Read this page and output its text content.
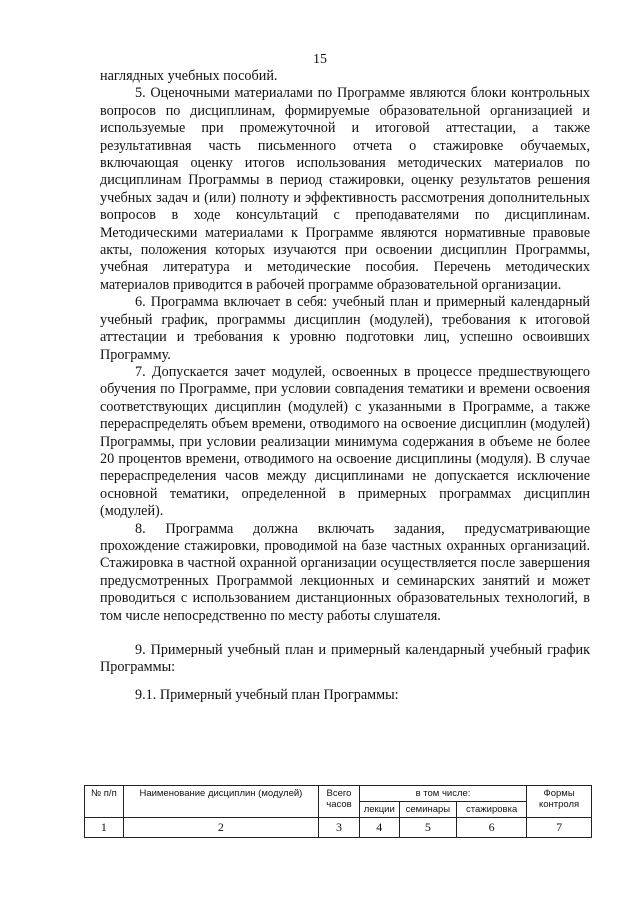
15

наглядных учебных пособий.

5. Оценочными материалами по Программе являются блоки контрольных вопросов по дисциплинам, формируемые образовательной организацией и используемые при промежуточной и итоговой аттестации, а также результативная часть письменного отчета о стажировке обучаемых, включающая оценку итогов использования методических материалов по дисциплинам Программы в период стажировки, оценку результатов решения учебных задач и (или) полноту и эффективность рассмотрения дополнительных вопросов в ходе консультаций с преподавателями по дисциплинам. Методическими материалами к Программе являются нормативные правовые акты, положения которых изучаются при освоении дисциплин Программы, учебная литература и методические пособия. Перечень методических материалов приводится в рабочей программе образовательной организации.

6. Программа включает в себя: учебный план и примерный календарный учебный график, программы дисциплин (модулей), требования к итоговой аттестации и требования к уровню подготовки лиц, успешно освоивших Программу.

7. Допускается зачет модулей, освоенных в процессе предшествующего обучения по Программе, при условии совпадения тематики и времени освоения соответствующих дисциплин (модулей) с указанными в Программе, а также перераспределять объем времени, отводимого на освоение дисциплин (модулей) Программы, при условии реализации минимума содержания в объеме не более 20 процентов времени, отводимого на освоение дисциплины (модуля). В случае перераспределения часов между дисциплинами не допускается исключение основной тематики, определенной в примерных программах дисциплин (модулей).

8. Программа должна включать задания, предусматривающие прохождение стажировки, проводимой на базе частных охранных организаций. Стажировка в частной охранной организации осуществляется после завершения предусмотренных Программой лекционных и семинарских занятий и может проводиться с использованием дистанционных образовательных технологий, в том числе непосредственно по месту работы слушателя.

9. Примерный учебный план и примерный календарный учебный график Программы:

9.1. Примерный учебный план Программы:

№ п/п	Наименование дисциплин (модулей)	Всего часов	в том числе:			Формы контроля
			лекции	семинары	стажировка	
1	2	3	4	5	6	7
